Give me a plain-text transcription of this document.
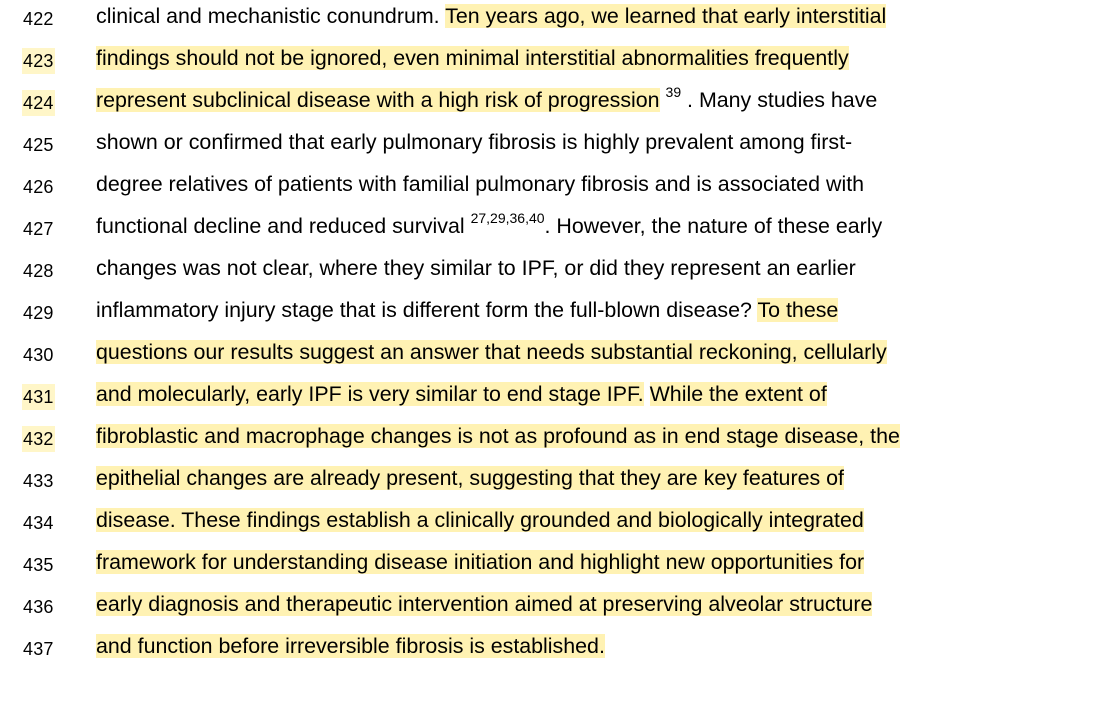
422 clinical and mechanistic conundrum. Ten years ago, we learned that early interstitial
423 findings should not be ignored, even minimal interstitial abnormalities frequently
424 represent subclinical disease with a high risk of progression $^{39}$ . Many studies have
425 shown or confirmed that early pulmonary fibrosis is highly prevalent among first-
426 degree relatives of patients with familial pulmonary fibrosis and is associated with
427 functional decline and reduced survival $^{27,29,36,40}$. However, the nature of these early
428 changes was not clear, where they similar to IPF, or did they represent an earlier
429 inflammatory injury stage that is different form the full-blown disease? To these
430 questions our results suggest an answer that needs substantial reckoning, cellularly
431 and molecularly, early IPF is very similar to end stage IPF. While the extent of
432 fibroblastic and macrophage changes is not as profound as in end stage disease, the
433 epithelial changes are already present, suggesting that they are key features of
434 disease. These findings establish a clinically grounded and biologically integrated
435 framework for understanding disease initiation and highlight new opportunities for
436 early diagnosis and therapeutic intervention aimed at preserving alveolar structure
437 and function before irreversible fibrosis is established.
